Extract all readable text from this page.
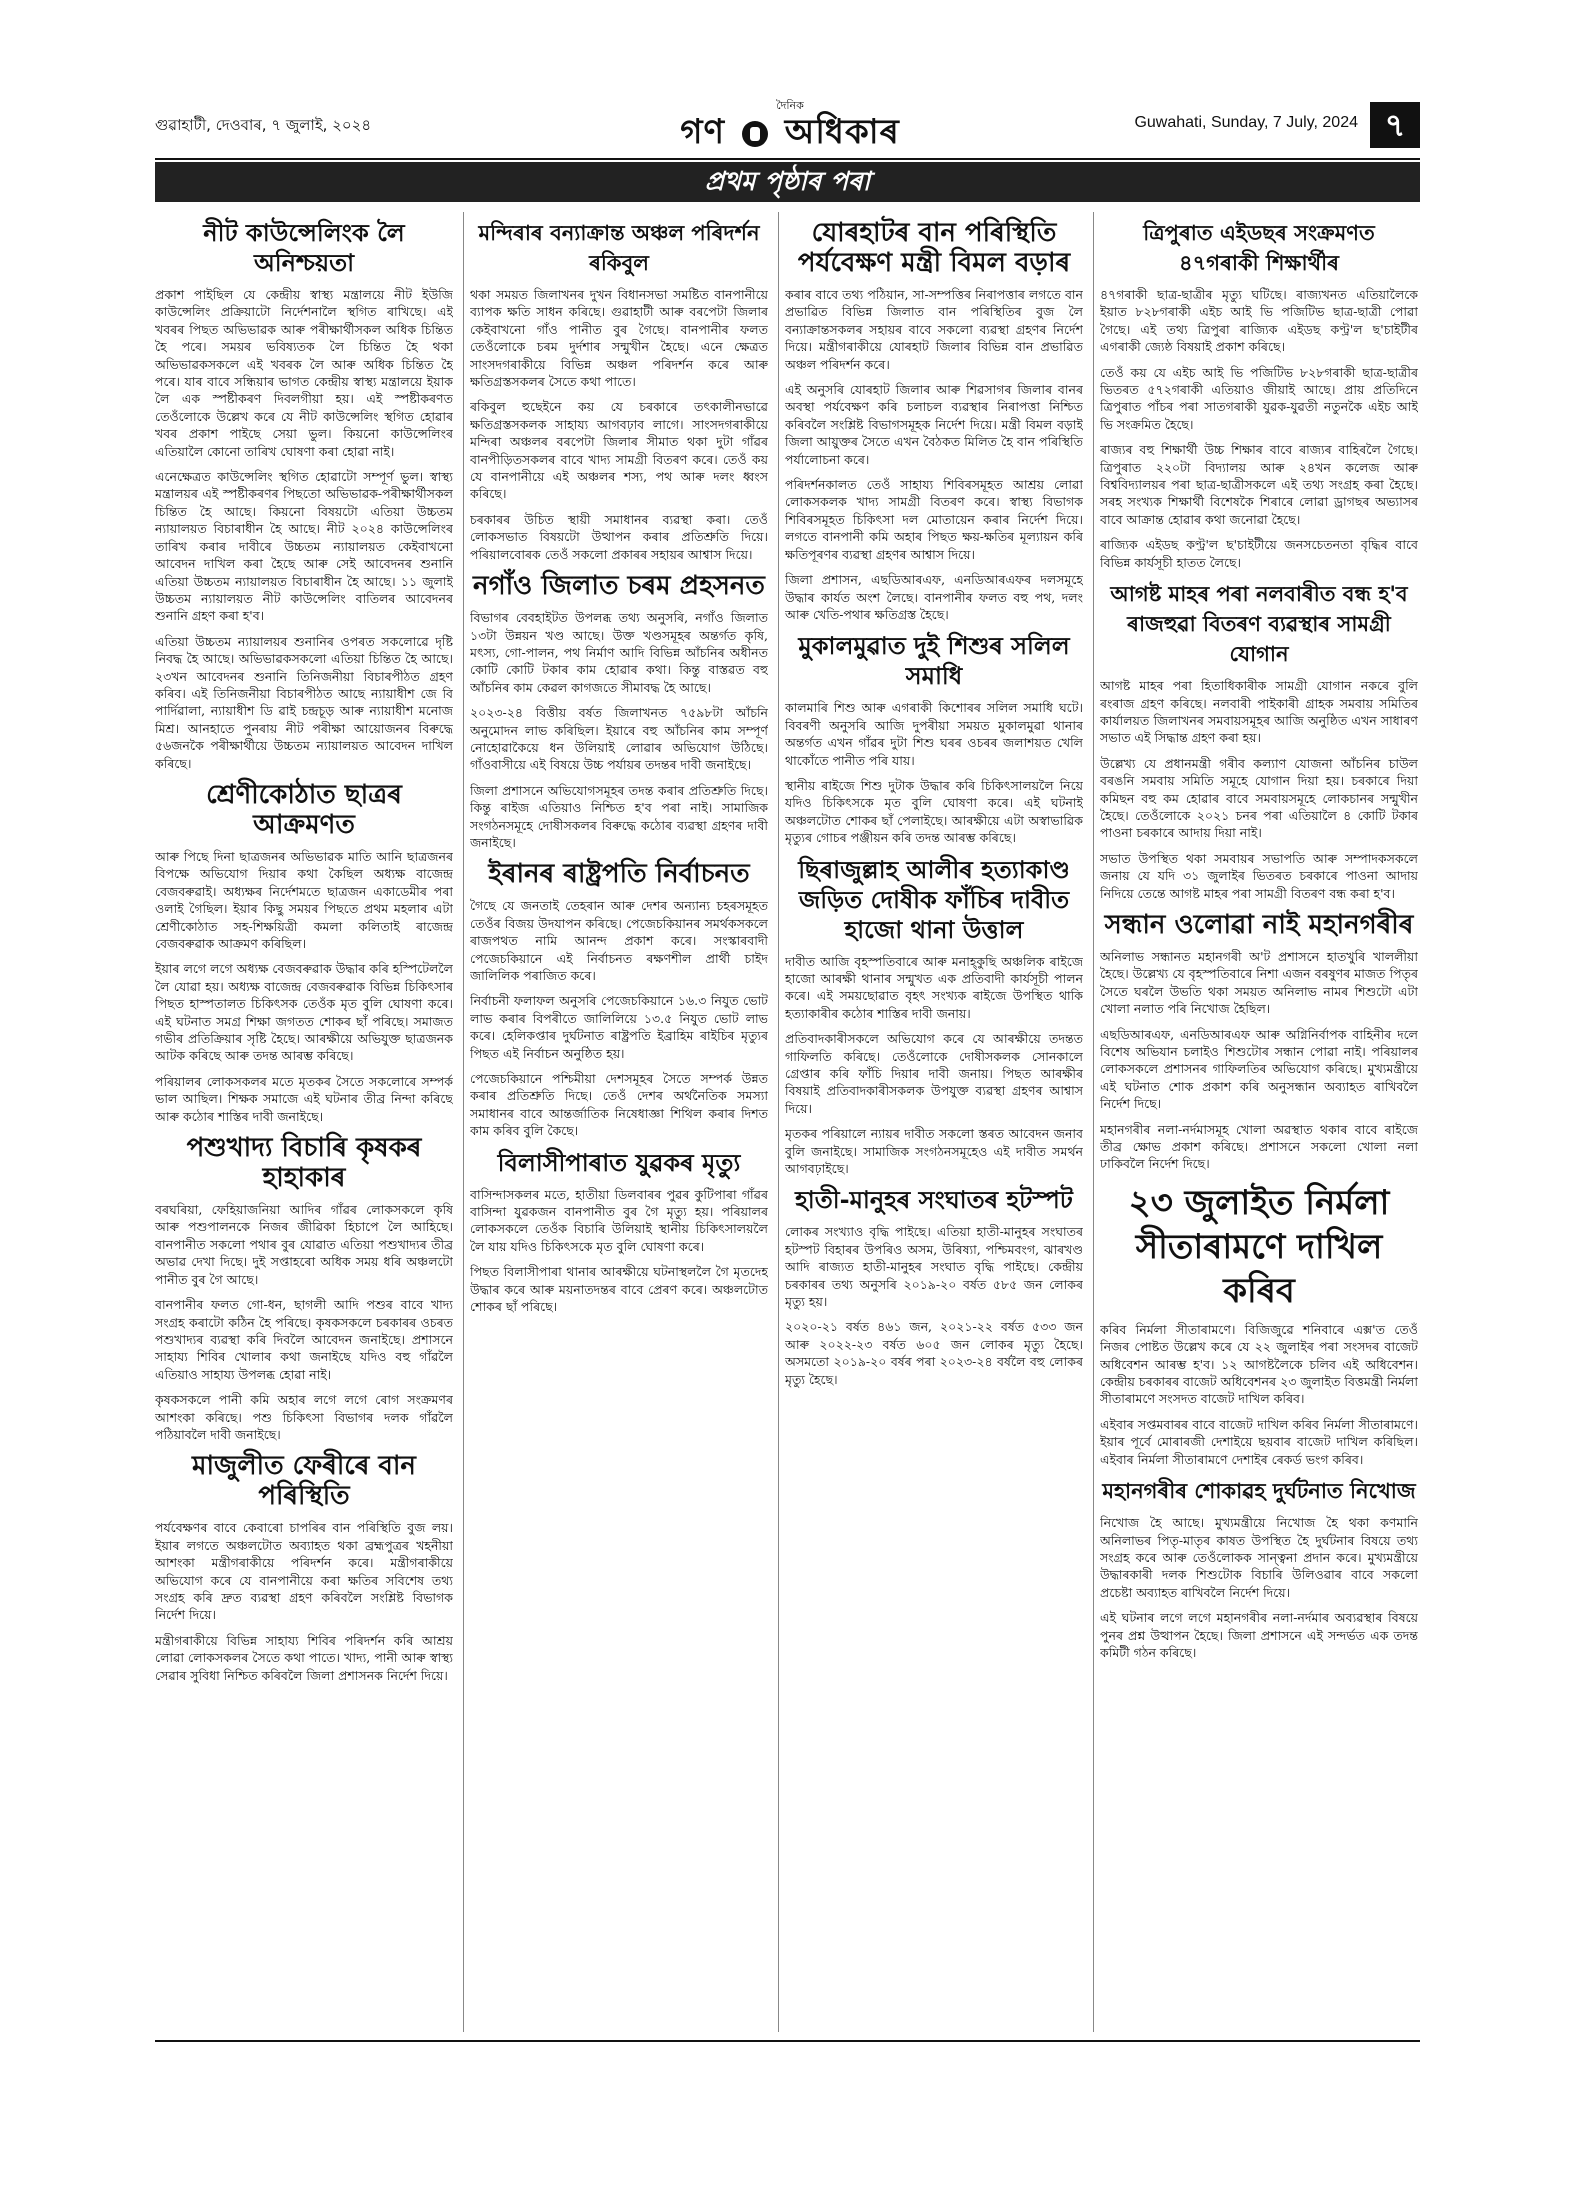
গুৱাহাটী, দেওবাৰ, ৭ জুলাই, ২০২৪
দৈনিক
গণ অধিকাৰ	Guwahati, Sunday, 7 July, 2024 ৭
প্ৰথম পৃষ্ঠাৰ পৰা
নীট কাউন্সেলিংক লৈ অনিশ্চয়তা

প্ৰকাশ পাইছিল যে কেন্দ্ৰীয় স্বাস্থ্য মন্ত্ৰালয়ে নীট ইউজি কাউন্সেলিং প্ৰক্ৰিয়াটো নিৰ্দেশনালৈ স্থগিত ৰাখিছে। এই খবৰৰ পিছত অভিভাৱক আৰু পৰীক্ষাৰ্থীসকল অধিক চিন্তিত হৈ পৰে। সময়ৰ ভবিষ্যতক লৈ চিন্তিত হৈ থকা অভিভাৱকসকলে এই খবৰক লৈ আৰু অধিক চিন্তিত হৈ পৰে। যাৰ বাবে সন্ধিয়াৰ ভাগত কেন্দ্ৰীয় স্বাস্থ্য মন্ত্ৰালয়ে ইয়াক লৈ এক স্পষ্টীকৰণ দিবলগীয়া হয়। এই স্পষ্টীকৰণত তেওঁলোকে উল্লেখ কৰে যে নীট কাউন্সেলিং স্থগিত হোৱাৰ খবৰ প্ৰকাশ পাইছে সেয়া ভুল। কিয়নো কাউন্সেলিংৰ এতিয়ালৈ কোনো তাৰিখ ঘোষণা কৰা হোৱা নাই।

এনেক্ষেত্ৰত কাউন্সেলিং স্থগিত হোৱাটো সম্পূৰ্ণ ভুল। স্বাস্থ্য মন্ত্ৰালয়ৰ এই স্পষ্টীকৰণৰ পিছতো অভিভাৱক-পৰীক্ষাৰ্থীসকল চিন্তিত হৈ আছে। কিয়নো বিষয়টো এতিয়া উচ্চতম ন্যায়ালয়ত বিচাৰাধীন হৈ আছে। নীট ২০২৪ কাউন্সেলিংৰ তাৰিখ কৰাৰ দাবীৰে উচ্চতম ন্যায়ালয়ত কেইবাখনো আবেদন দাখিল কৰা হৈছে আৰু সেই আবেদনৰ শুনানি এতিয়া উচ্চতম ন্যায়ালয়ত বিচাৰাধীন হৈ আছে। ১১ জুলাই উচ্চতম ন্যায়ালয়ত নীট কাউন্সেলিং বাতিলৰ আবেদনৰ শুনানি গ্ৰহণ কৰা হ'ব।

এতিয়া উচ্চতম ন্যায়ালয়ৰ শুনানিৰ ওপৰত সকলোৱে দৃষ্টি নিবদ্ধ হৈ আছে। অভিভাৱকসকলো এতিয়া চিন্তিত হৈ আছে। ২৩খন আবেদনৰ শুনানি তিনিজনীয়া বিচাৰপীঠত গ্ৰহণ কৰিব। এই তিনিজনীয়া বিচাৰপীঠত আছে ন্যায়াধীশ জে বি পাৰ্দিৱালা, ন্যায়াধীশ ডি ৱাই চন্দ্ৰচূড় আৰু ন্যায়াধীশ মনোজ মিশ্ৰ। আনহাতে পুনৰায় নীট পৰীক্ষা আয়োজনৰ বিৰুদ্ধে ৫৬জনকৈ পৰীক্ষাৰ্থীয়ে উচ্চতম ন্যায়ালয়ত আবেদন দাখিল কৰিছে।

শ্ৰেণীকোঠাত ছাত্ৰৰ আক্ৰমণত

আৰু পিছে দিনা ছাত্ৰজনৰ অভিভাৱক মাতি আনি ছাত্ৰজনৰ বিপক্ষে অভিযোগ দিয়াৰ কথা কৈছিল অধ্যক্ষ বাজেন্দ্ৰ বেজবৰুৱাই। অধ্যক্ষৰ নিৰ্দেশমতে ছাত্ৰজন একাডেমীৰ পৰা ওলাই গৈছিল। ইয়াৰ কিছু সময়ৰ পিছতে প্ৰথম মহলাৰ এটা শ্ৰেণীকোঠাত সহ-শিক্ষয়িত্ৰী কমলা কলিতাই ৰাজেন্দ্ৰ বেজবৰুৱাক আক্ৰমণ কৰিছিল।

ইয়াৰ লগে লগে অধ্যক্ষ বেজবৰুৱাক উদ্ধাৰ কৰি হস্পিটেললৈ লৈ যোৱা হয়। অধ্যক্ষ বাজেন্দ্ৰ বেজবৰুৱাক বিভিন্ন চিকিৎসাৰ পিছত হাস্পতালত চিকিৎসক তেওঁক মৃত বুলি ঘোষণা কৰে। এই ঘটনাত সমগ্ৰ শিক্ষা জগতত শোকৰ ছাঁ পৰিছে। সমাজত গভীৰ প্ৰতিক্ৰিয়াৰ সৃষ্টি হৈছে। আৰক্ষীয়ে অভিযুক্ত ছাত্ৰজনক আটক কৰিছে আৰু তদন্ত আৰম্ভ কৰিছে।

পৰিয়ালৰ লোকসকলৰ মতে মৃতকৰ সৈতে সকলোৰে সম্পৰ্ক ভাল আছিল। শিক্ষক সমাজে এই ঘটনাৰ তীব্ৰ নিন্দা কৰিছে আৰু কঠোৰ শাস্তিৰ দাবী জনাইছে।

পশুখাদ্য বিচাৰি কৃষকৰ হাহাকাৰ

বৰঘৰিয়া, ফেহিয়াজনিয়া আদিৰ গাঁৱৰ লোকসকলে কৃষি আৰু পশুপালনকে নিজৰ জীৱিকা হিচাপে লৈ আহিছে। বানপানীত সকলো পথাৰ বুৰ যোৱাত এতিয়া পশুখাদ্যৰ তীব্ৰ অভাৱ দেখা দিছে। দুই সপ্তাহৰো অধিক সময় ধৰি অঞ্চলটো পানীত বুৰ গৈ আছে।

বানপানীৰ ফলত গো-ধন, ছাগলী আদি পশুৰ বাবে খাদ্য সংগ্ৰহ কৰাটো কঠিন হৈ পৰিছে। কৃষকসকলে চৰকাৰৰ ওচৰত পশুখাদ্যৰ ব্যৱস্থা কৰি দিবলৈ আবেদন জনাইছে। প্ৰশাসনে সাহায্য শিবিৰ খোলাৰ কথা জনাইছে যদিও বহু গাঁৱলৈ এতিয়াও সাহায্য উপলব্ধ হোৱা নাই।

কৃষকসকলে পানী কমি অহাৰ লগে লগে ৰোগ সংক্ৰমণৰ আশংকা কৰিছে। পশু চিকিৎসা বিভাগৰ দলক গাঁৱলৈ পঠিয়াবলৈ দাবী জনাইছে।

মাজুলীত ফেৰীৰে বান পৰিস্থিতি

পৰ্যবেক্ষণৰ বাবে কেবাৰো চাপৰিৰ বান পৰিস্থিতি বুজ লয়। ইয়াৰ লগতে অঞ্চলটোত অব্যাহত থকা ব্ৰহ্মপুত্ৰৰ খহনীয়া আশংকা মন্ত্ৰীগৰাকীয়ে পৰিদৰ্শন কৰে। মন্ত্ৰীগৰাকীয়ে অভিযোগ কৰে যে বানপানীয়ে কৰা ক্ষতিৰ সবিশেষ তথ্য সংগ্ৰহ কৰি দ্ৰুত ব্যৱস্থা গ্ৰহণ কৰিবলৈ সংশ্লিষ্ট বিভাগক নিৰ্দেশ দিয়ে।

মন্ত্ৰীগৰাকীয়ে বিভিন্ন সাহায্য শিবিৰ পৰিদৰ্শন কৰি আশ্ৰয় লোৱা লোকসকলৰ সৈতে কথা পাতে। খাদ্য, পানী আৰু স্বাস্থ্য সেৱাৰ সুবিধা নিশ্চিত কৰিবলৈ জিলা প্ৰশাসনক নিৰ্দেশ দিয়ে।

মন্দিৰাৰ বন্যাক্ৰান্ত অঞ্চল পৰিদৰ্শন ৰকিবুল

থকা সময়ত জিলাখনৰ দুখন বিধানসভা সমষ্টিত বানপানীয়ে ব্যাপক ক্ষতি সাধন কৰিছে। গুৱাহাটী আৰু বৰপেটা জিলাৰ কেইবাখনো গাঁও পানীত বুৰ গৈছে। বানপানীৰ ফলত তেওঁলোকে চৰম দুৰ্দশাৰ সন্মুখীন হৈছে। এনে ক্ষেত্ৰত সাংসদগৰাকীয়ে বিভিন্ন অঞ্চল পৰিদৰ্শন কৰে আৰু ক্ষতিগ্ৰস্তসকলৰ সৈতে কথা পাতে।

ৰকিবুল হুছেইনে কয় যে চৰকাৰে তৎকালীনভাৱে ক্ষতিগ্ৰস্তসকলক সাহায্য আগবঢ়াব লাগে। সাংসদগৰাকীয়ে মন্দিৰা অঞ্চলৰ বৰপেটা জিলাৰ সীমাত থকা দুটা গাঁৱৰ বানপীড়িতসকলৰ বাবে খাদ্য সামগ্ৰী বিতৰণ কৰে। তেওঁ কয় যে বানপানীয়ে এই অঞ্চলৰ শস্য, পথ আৰু দলং ধ্বংস কৰিছে।

চৰকাৰৰ উচিত স্থায়ী সমাধানৰ ব্যৱস্থা কৰা। তেওঁ লোকসভাত বিষয়টো উত্থাপন কৰাৰ প্ৰতিশ্ৰুতি দিয়ে। পৰিয়ালবোৰক তেওঁ সকলো প্ৰকাৰৰ সহায়ৰ আশ্বাস দিয়ে।

নগাঁও জিলাত চৰম প্ৰহসনত

বিভাগৰ বেবহাইটত উপলব্ধ তথ্য অনুসৰি, নগাঁও জিলাত ১৩টা উন্নয়ন খণ্ড আছে। উক্ত খণ্ডসমূহৰ অন্তৰ্গত কৃষি, মৎস্য, গো-পালন, পথ নিৰ্মাণ আদি বিভিন্ন আঁচনিৰ অধীনত কোটি কোটি টকাৰ কাম হোৱাৰ কথা। কিন্তু বাস্তৱত বহু আঁচনিৰ কাম কেৱল কাগজতে সীমাবদ্ধ হৈ আছে।

২০২৩-২৪ বিত্তীয় বৰ্ষত জিলাখনত ৭৫৯৮টা আঁচনি অনুমোদন লাভ কৰিছিল। ইয়াৰে বহু আঁচনিৰ কাম সম্পূৰ্ণ নোহোৱাকৈয়ে ধন উলিয়াই লোৱাৰ অভিযোগ উঠিছে। গাঁওবাসীয়ে এই বিষয়ে উচ্চ পৰ্যায়ৰ তদন্তৰ দাবী জনাইছে।

জিলা প্ৰশাসনে অভিযোগসমূহৰ তদন্ত কৰাৰ প্ৰতিশ্ৰুতি দিছে। কিন্তু ৰাইজ এতিয়াও নিশ্চিত হ'ব পৰা নাই। সামাজিক সংগঠনসমূহে দোষীসকলৰ বিৰুদ্ধে কঠোৰ ব্যৱস্থা গ্ৰহণৰ দাবী জনাইছে।

ইৰানৰ ৰাষ্ট্ৰপতি নিৰ্বাচনত

গৈছে যে জনতাই তেহৰান আৰু দেশৰ অন্যান্য চহৰসমূহত তেওঁৰ বিজয় উদযাপন কৰিছে। পেজেচকিয়ানৰ সমৰ্থকসকলে ৰাজপথত নামি আনন্দ প্ৰকাশ কৰে। সংস্কাৰবাদী পেজেচকিয়ানে এই নিৰ্বাচনত ৰক্ষণশীল প্ৰাৰ্থী চাইদ জালিলিক পৰাজিত কৰে।

নিৰ্বাচনী ফলাফল অনুসৰি পেজেচকিয়ানে ১৬.৩ নিযুত ভোট লাভ কৰাৰ বিপৰীতে জালিলিয়ে ১৩.৫ নিযুত ভোট লাভ কৰে। হেলিকপ্তাৰ দুৰ্ঘটনাত ৰাষ্ট্ৰপতি ইব্ৰাহিম ৰাইচিৰ মৃত্যুৰ পিছত এই নিৰ্বাচন অনুষ্ঠিত হয়।

পেজেচকিয়ানে পশ্চিমীয়া দেশসমূহৰ সৈতে সম্পৰ্ক উন্নত কৰাৰ প্ৰতিশ্ৰুতি দিছে। তেওঁ দেশৰ অৰ্থনৈতিক সমস্যা সমাধানৰ বাবে আন্তৰ্জাতিক নিষেধাজ্ঞা শিথিল কৰাৰ দিশত কাম কৰিব বুলি কৈছে।

বিলাসীপাৰাত যুৱকৰ মৃত্যু

বাসিন্দাসকলৰ মতে, হাতীয়া ডিলবাৰৰ পুৱৰ কুটিপাৰা গাঁৱৰ বাসিন্দা যুৱকজন বানপানীত বুৰ গৈ মৃত্যু হয়। পৰিয়ালৰ লোকসকলে তেওঁক বিচাৰি উলিয়াই স্থানীয় চিকিৎসালয়লৈ লৈ যায় যদিও চিকিৎসকে মৃত বুলি ঘোষণা কৰে।

পিছত বিলাসীপাৰা থানাৰ আৰক্ষীয়ে ঘটনাস্থললৈ গৈ মৃতদেহ উদ্ধাৰ কৰে আৰু ময়নাতদন্তৰ বাবে প্ৰেৰণ কৰে। অঞ্চলটোত শোকৰ ছাঁ পৰিছে।

যোৰহাটৰ বান পৰিস্থিতি পৰ্যবেক্ষণ মন্ত্ৰী বিমল বড়াৰ

কৰাৰ বাবে তথ্য পঠিয়ান, সা-সম্পত্তিৰ নিৰাপত্তাৰ লগতে বান প্ৰভাৱিত বিভিন্ন জিলাত বান পৰিস্থিতিৰ বুজ লৈ বন্যাক্ৰান্তসকলৰ সহায়ৰ বাবে সকলো ব্যৱস্থা গ্ৰহণৰ নিৰ্দেশ দিয়ে। মন্ত্ৰীগৰাকীয়ে যোৰহাট জিলাৰ বিভিন্ন বান প্ৰভাৱিত অঞ্চল পৰিদৰ্শন কৰে।

এই অনুসৰি যোৰহাট জিলাৰ আৰু শিৱসাগৰ জিলাৰ বানৰ অবস্থা পৰ্যবেক্ষণ কৰি চলাচল ব্যৱস্থাৰ নিৰাপত্তা নিশ্চিত কৰিবলৈ সংশ্লিষ্ট বিভাগসমূহক নিৰ্দেশ দিয়ে। মন্ত্ৰী বিমল বড়াই জিলা আয়ুক্তৰ সৈতে এখন বৈঠকত মিলিত হৈ বান পৰিস্থিতি পৰ্যালোচনা কৰে।

পৰিদৰ্শনকালত তেওঁ সাহায্য শিবিৰসমূহত আশ্ৰয় লোৱা লোকসকলক খাদ্য সামগ্ৰী বিতৰণ কৰে। স্বাস্থ্য বিভাগক শিবিৰসমূহত চিকিৎসা দল মোতায়েন কৰাৰ নিৰ্দেশ দিয়ে। লগতে বানপানী কমি অহাৰ পিছত ক্ষয়-ক্ষতিৰ মূল্যায়ন কৰি ক্ষতিপূৰণৰ ব্যৱস্থা গ্ৰহণৰ আশ্বাস দিয়ে।

জিলা প্ৰশাসন, এছডিআৰএফ, এনডিআৰএফৰ দলসমূহে উদ্ধাৰ কাৰ্যত অংশ লৈছে। বানপানীৰ ফলত বহু পথ, দলং আৰু খেতি-পথাৰ ক্ষতিগ্ৰস্ত হৈছে।

মুকালমুৱাত দুই শিশুৰ সলিল সমাধি

কালমাৰি শিশু আৰু এগৰাকী কিশোৰৰ সলিল সমাধি ঘটে। বিবৰণী অনুসৰি আজি দুপৰীয়া সময়ত মুকালমুৱা থানাৰ অন্তৰ্গত এখন গাঁৱৰ দুটা শিশু ঘৰৰ ওচৰৰ জলাশয়ত খেলি থাকোঁতে পানীত পৰি যায়।

স্থানীয় ৰাইজে শিশু দুটাক উদ্ধাৰ কৰি চিকিৎসালয়লৈ নিয়ে যদিও চিকিৎসকে মৃত বুলি ঘোষণা কৰে। এই ঘটনাই অঞ্চলটোত শোকৰ ছাঁ পেলাইছে। আৰক্ষীয়ে এটা অস্বাভাৱিক মৃত্যুৰ গোচৰ পঞ্জীয়ন কৰি তদন্ত আৰম্ভ কৰিছে।

ছিৰাজুল্লাহ আলীৰ হত্যাকাণ্ড জড়িত দোষীক ফাঁচিৰ দাবীত হাজো থানা উত্তাল

দাবীত আজি বৃহস্পতিবাৰে আৰু মনাহ্কুছি অঞ্চলিক ৰাইজে হাজো আৰক্ষী থানাৰ সন্মুখত এক প্ৰতিবাদী কাৰ্যসূচী পালন কৰে। এই সময়ছোৱাত বৃহৎ সংখ্যক ৰাইজে উপস্থিত থাকি হত্যাকাৰীৰ কঠোৰ শাস্তিৰ দাবী জনায়।

প্ৰতিবাদকাৰীসকলে অভিযোগ কৰে যে আৰক্ষীয়ে তদন্তত গাফিলতি কৰিছে। তেওঁলোকে দোষীসকলক সোনকালে গ্ৰেপ্তাৰ কৰি ফাঁচি দিয়াৰ দাবী জনায়। পিছত আৰক্ষীৰ বিষয়াই প্ৰতিবাদকাৰীসকলক উপযুক্ত ব্যৱস্থা গ্ৰহণৰ আশ্বাস দিয়ে।

মৃতকৰ পৰিয়ালে ন্যায়ৰ দাবীত সকলো স্তৰত আবেদন জনাব বুলি জনাইছে। সামাজিক সংগঠনসমূহেও এই দাবীত সমৰ্থন আগবঢ়াইছে।

হাতী-মানুহৰ সংঘাতৰ হটস্পট

লোকৰ সংখ্যাও বৃদ্ধি পাইছে। এতিয়া হাতী-মানুহৰ সংঘাতৰ হটস্পট বিহাৰৰ উপৰিও অসম, উৰিষ্যা, পশ্চিমবংগ, ঝাৰখণ্ড আদি ৰাজ্যত হাতী-মানুহৰ সংঘাত বৃদ্ধি পাইছে। কেন্দ্ৰীয় চৰকাৰৰ তথ্য অনুসৰি ২০১৯-২০ বৰ্ষত ৫৮৫ জন লোকৰ মৃত্যু হয়।

২০২০-২১ বৰ্ষত ৪৬১ জন, ২০২১-২২ বৰ্ষত ৫৩৩ জন আৰু ২০২২-২৩ বৰ্ষত ৬০৫ জন লোকৰ মৃত্যু হৈছে। অসমতো ২০১৯-২০ বৰ্ষৰ পৰা ২০২৩-২৪ বৰ্ষলৈ বহু লোকৰ মৃত্যু হৈছে।

ত্ৰিপুৰাত এইডছৰ সংক্ৰমণত ৪৭গৰাকী শিক্ষাৰ্থীৰ

৪৭গৰাকী ছাত্ৰ-ছাত্ৰীৰ মৃত্যু ঘটিছে। ৰাজ্যখনত এতিয়ালৈকে ইয়াত ৮২৮গৰাকী এইচ আই ভি পজিটিভ ছাত্ৰ-ছাত্ৰী পোৱা গৈছে। এই তথ্য ত্ৰিপুৰা ৰাজ্যিক এইডছ কণ্ট্ৰ'ল ছ'চাইটীৰ এগৰাকী জ্যেষ্ঠ বিষয়াই প্ৰকাশ কৰিছে।

তেওঁ কয় যে এইচ আই ভি পজিটিভ ৮২৮গৰাকী ছাত্ৰ-ছাত্ৰীৰ ভিতৰত ৫৭২গৰাকী এতিয়াও জীয়াই আছে। প্ৰায় প্ৰতিদিনে ত্ৰিপুৰাত পাঁচৰ পৰা সাতগৰাকী যুৱক-যুৱতী নতুনকৈ এইচ আই ভি সংক্ৰমিত হৈছে।

ৰাজ্যৰ বহু শিক্ষাৰ্থী উচ্চ শিক্ষাৰ বাবে ৰাজ্যৰ বাহিৰলৈ গৈছে। ত্ৰিপুৰাত ২২০টা বিদ্যালয় আৰু ২৪খন কলেজ আৰু বিশ্ববিদ্যালয়ৰ পৰা ছাত্ৰ-ছাত্ৰীসকলে এই তথ্য সংগ্ৰহ কৰা হৈছে। সৰহ সংখ্যক শিক্ষাৰ্থী বিশেষকৈ শিৰাৰে লোৱা ড্ৰাগছৰ অভ্যাসৰ বাবে আক্ৰান্ত হোৱাৰ কথা জনোৱা হৈছে।

ৰাজ্যিক এইডছ কণ্ট্ৰ'ল ছ'চাইটীয়ে জনসচেতনতা বৃদ্ধিৰ বাবে বিভিন্ন কাৰ্যসূচী হাতত লৈছে।

আগষ্ট মাহৰ পৰা নলবাৰীত বন্ধ হ'ব ৰাজহুৱা বিতৰণ ব্যৱস্থাৰ সামগ্ৰী যোগান

আগষ্ট মাহৰ পৰা হিতাধিকাৰীক সামগ্ৰী যোগান নকৰে বুলি ৰংৰাজ গ্ৰহণ কৰিছে। নলবাৰী পাইকাৰী গ্ৰাহক সমবায় সমিতিৰ কাৰ্যালয়ত জিলাখনৰ সমবায়সমূহৰ আজি অনুষ্ঠিত এখন সাধাৰণ সভাত এই সিদ্ধান্ত গ্ৰহণ কৰা হয়।

উল্লেখ্য যে প্ৰধানমন্ত্ৰী গৰীব কল্যাণ যোজনা আঁচনিৰ চাউল বৰঙনি সমবায় সমিতি সমূহে যোগান দিয়া হয়। চৰকাৰে দিয়া কমিছন বহু কম হোৱাৰ বাবে সমবায়সমূহে লোকচানৰ সন্মুখীন হৈছে। তেওঁলোকে ২০২১ চনৰ পৰা এতিয়ালৈ ৪ কোটি টকাৰ পাওনা চৰকাৰে আদায় দিয়া নাই।

সভাত উপস্থিত থকা সমবায়ৰ সভাপতি আৰু সম্পাদকসকলে জনায় যে যদি ৩১ জুলাইৰ ভিতৰত চৰকাৰে পাওনা আদায় নিদিয়ে তেন্তে আগষ্ট মাহৰ পৰা সামগ্ৰী বিতৰণ বন্ধ কৰা হ'ব।

সন্ধান ওলোৱা নাই মহানগৰীৰ

অনিলাভ সন্ধানত মহানগৰী অ'ট প্ৰশাসনে হাতখুৰি খাললীয়া হৈছে। উল্লেখ্য যে বৃহস্পতিবাৰে নিশা এজন বৰষুণৰ মাজত পিতৃৰ সৈতে ঘৰলৈ উভতি থকা সময়ত অনিলাভ নামৰ শিশুটো এটা খোলা নলাত পৰি নিখোজ হৈছিল।

এছডিআৰএফ, এনডিআৰএফ আৰু অগ্নিনিৰ্বাপক বাহিনীৰ দলে বিশেষ অভিযান চলাইও শিশুটোৰ সন্ধান পোৱা নাই। পৰিয়ালৰ লোকসকলে প্ৰশাসনৰ গাফিলতিৰ অভিযোগ কৰিছে। মুখ্যমন্ত্ৰীয়ে এই ঘটনাত শোক প্ৰকাশ কৰি অনুসন্ধান অব্যাহত ৰাখিবলৈ নিৰ্দেশ দিছে।

মহানগৰীৰ নলা-নৰ্দমাসমূহ খোলা অৱস্থাত থকাৰ বাবে ৰাইজে তীব্ৰ ক্ষোভ প্ৰকাশ কৰিছে। প্ৰশাসনে সকলো খোলা নলা ঢাকিবলৈ নিৰ্দেশ দিছে।

২৩ জুলাইত নিৰ্মলা সীতাৰামণে দাখিল কৰিব

কৰিব নিৰ্মলা সীতাৰামণে। বিজিজুৱে শনিবাৰে এক্স'ত তেওঁ নিজৰ পোষ্টত উল্লেখ কৰে যে ২২ জুলাইৰ পৰা সংসদৰ বাজেট অধিবেশন আৰম্ভ হ'ব। ১২ আগষ্টলৈকে চলিব এই অধিবেশন। কেন্দ্ৰীয় চৰকাৰৰ বাজেট অধিবেশনৰ ২৩ জুলাইত বিত্তমন্ত্ৰী নিৰ্মলা সীতাৰামণে সংসদত বাজেট দাখিল কৰিব।

এইবাৰ সপ্তমবাৰৰ বাবে বাজেট দাখিল কৰিব নিৰ্মলা সীতাৰামণে। ইয়াৰ পূৰ্বে মোৰাৰজী দেশাইয়ে ছয়বাৰ বাজেট দাখিল কৰিছিল। এইবাৰ নিৰ্মলা সীতাৰামণে দেশাইৰ ৰেকৰ্ড ভংগ কৰিব।

মহানগৰীৰ শোকাৱহ দুৰ্ঘটনাত নিখোজ

নিখোজ হৈ আছে। মুখ্যমন্ত্ৰীয়ে নিখোজ হৈ থকা কণমানি অনিলাভৰ পিতৃ-মাতৃৰ কাষত উপস্থিত হৈ দুৰ্ঘটনাৰ বিষয়ে তথ্য সংগ্ৰহ কৰে আৰু তেওঁলোকক সান্ত্বনা প্ৰদান কৰে। মুখ্যমন্ত্ৰীয়ে উদ্ধাৰকাৰী দলক শিশুটোক বিচাৰি উলিওৱাৰ বাবে সকলো প্ৰচেষ্টা অব্যাহত ৰাখিবলৈ নিৰ্দেশ দিয়ে।

এই ঘটনাৰ লগে লগে মহানগৰীৰ নলা-নৰ্দমাৰ অব্যৱস্থাৰ বিষয়ে পুনৰ প্ৰশ্ন উত্থাপন হৈছে। জিলা প্ৰশাসনে এই সন্দৰ্ভত এক তদন্ত কমিটী গঠন কৰিছে।
